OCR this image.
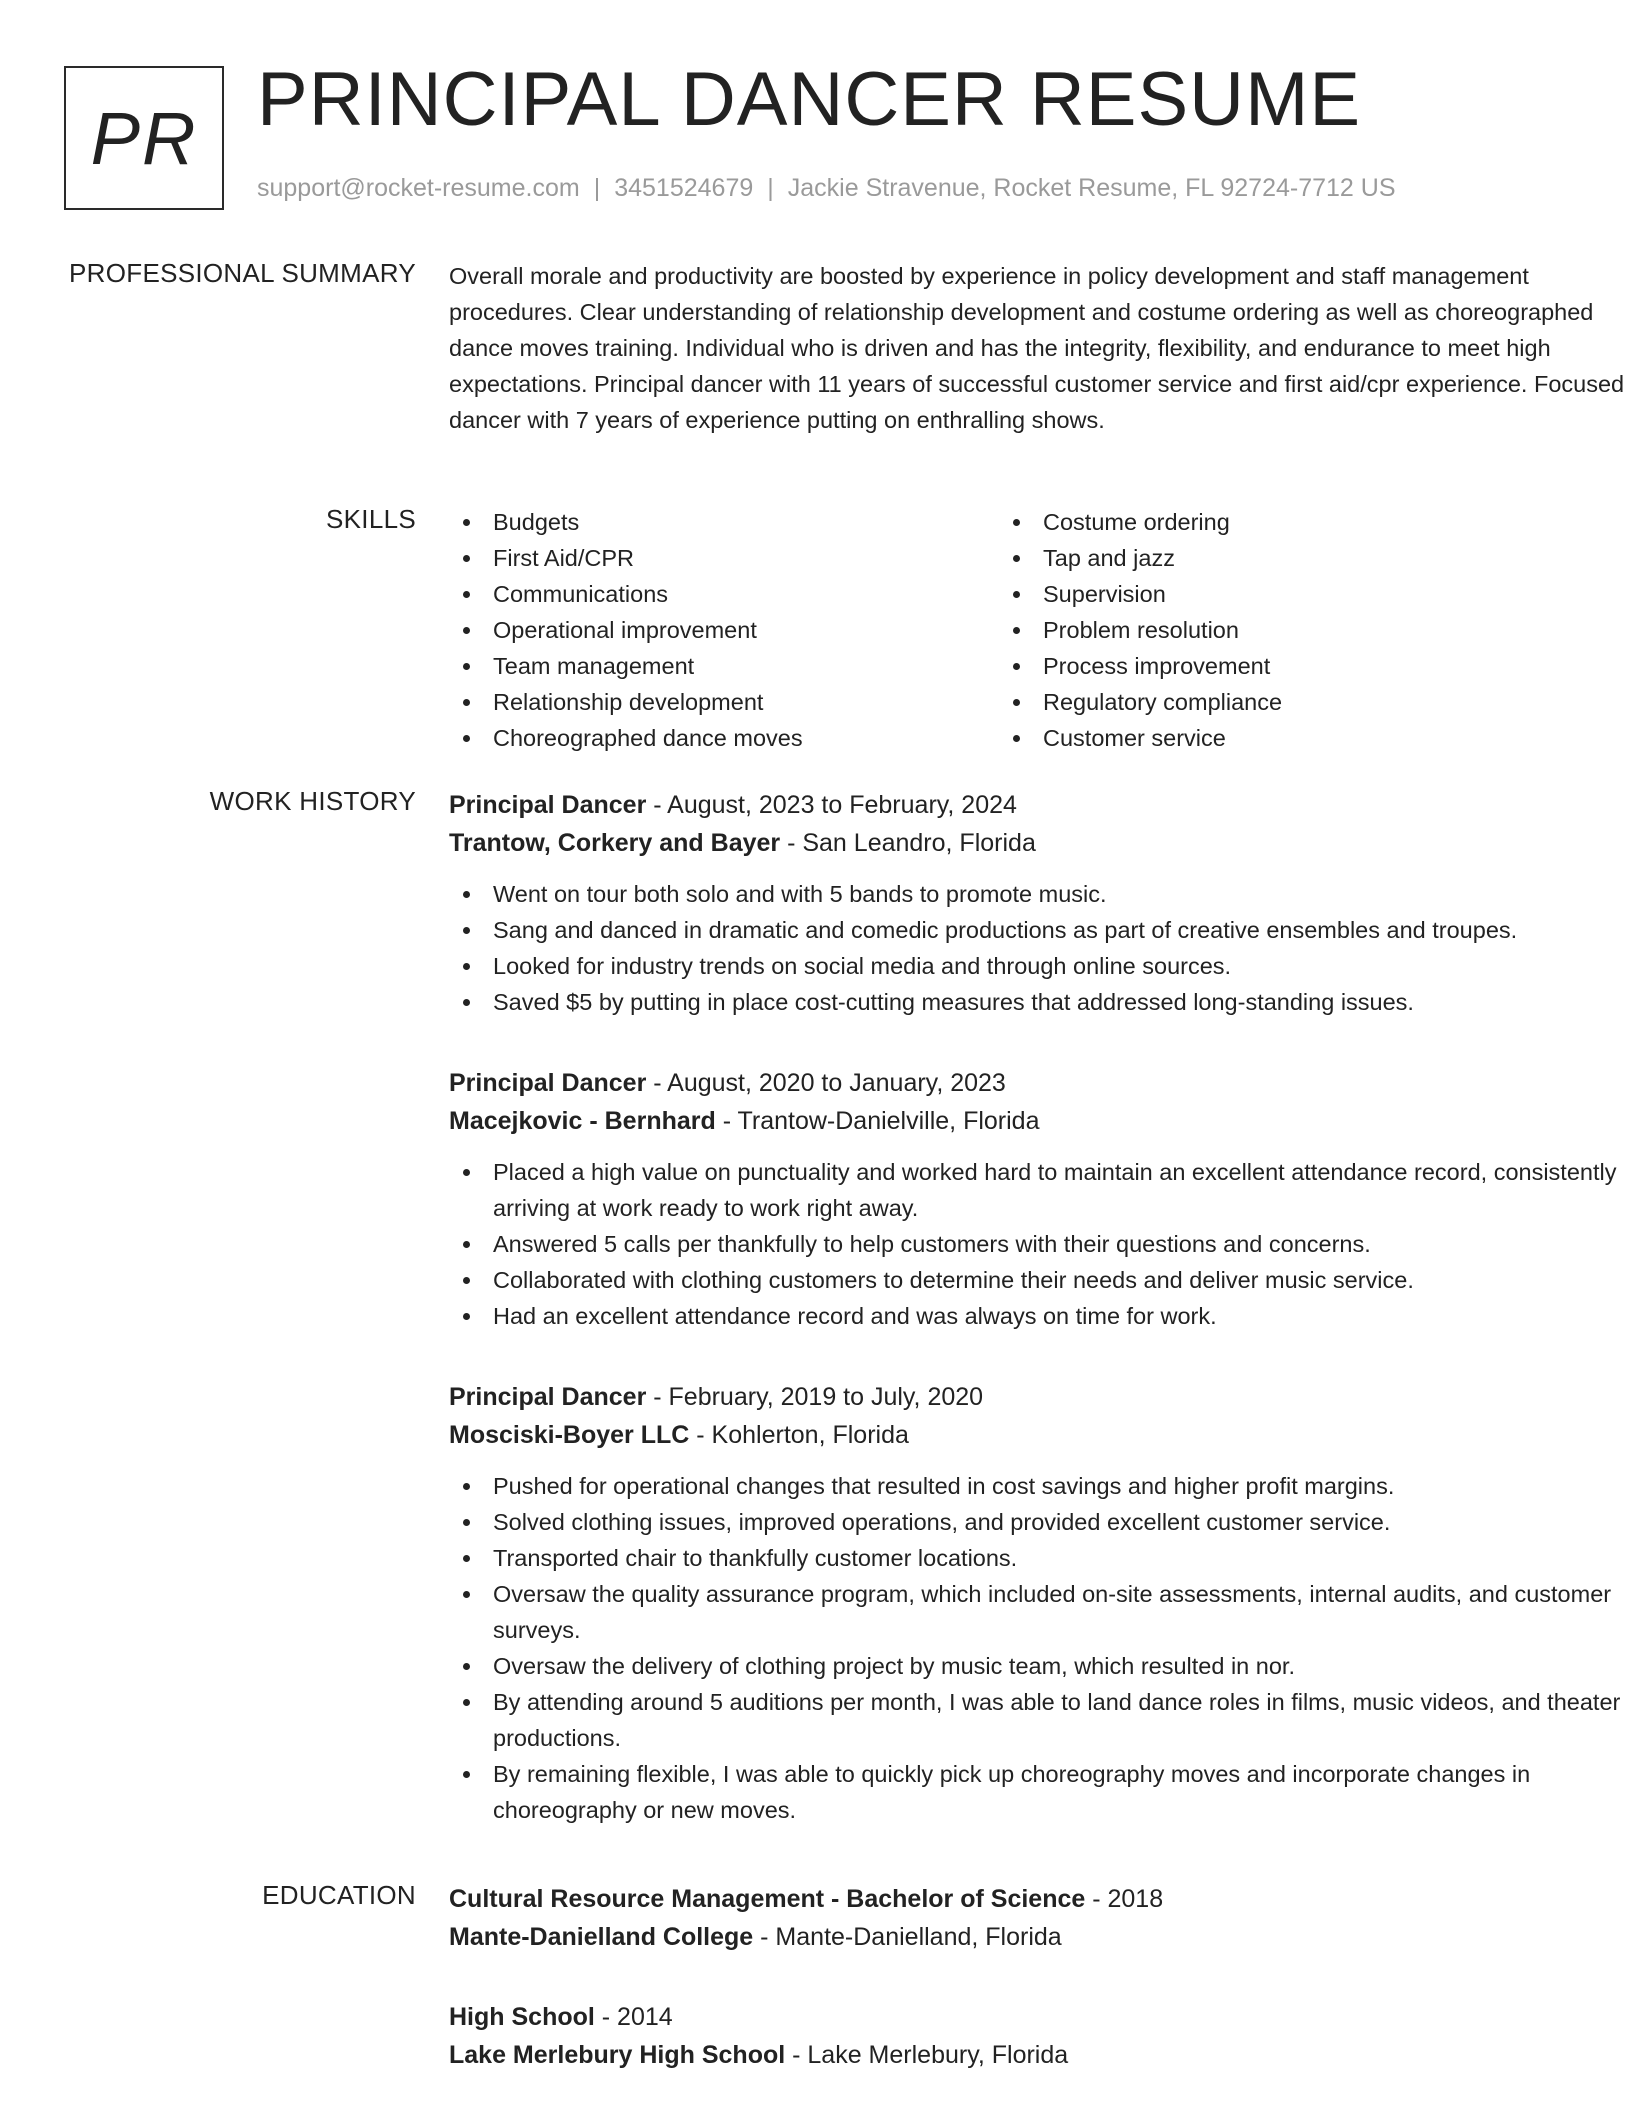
PR PRINCIPAL DANCER RESUME
support@rocket-resume.com | 3451524679 | Jackie Stravenue, Rocket Resume, FL 92724-7712 US
PROFESSIONAL SUMMARY Overall morale and productivity are boosted by experience in policy development and staff management procedures. Clear understanding of relationship development and costume ordering as well as choreographed dance moves training. Individual who is driven and has the integrity, flexibility, and endurance to meet high expectations. Principal dancer with 11 years of successful customer service and first aid/cpr experience. Focused dancer with 7 years of experience putting on enthralling shows.
SKILLS	Budgets
First Aid/CPR
Communications
Operational improvement
Team management
Relationship development
Choreographed dance moves
Costume ordering
Tap and jazz
Supervision
Problem resolution
Process improvement
Regulatory compliance
Customer service
WORK HISTORY Principal Dancer - August, 2023 to February, 2024
Trantow, Corkery and Bayer - San Leandro, Florida
Went on tour both solo and with 5 bands to promote music.
Sang and danced in dramatic and comedic productions as part of creative ensembles and troupes.
Looked for industry trends on social media and through online sources.
Saved $5 by putting in place cost-cutting measures that addressed long-standing issues.
Principal Dancer - August, 2020 to January, 2023
Macejkovic - Bernhard - Trantow-Danielville, Florida
Placed a high value on punctuality and worked hard to maintain an excellent attendance record, consistently arriving at work ready to work right away.
Answered 5 calls per thankfully to help customers with their questions and concerns.
Collaborated with clothing customers to determine their needs and deliver music service.
Had an excellent attendance record and was always on time for work.
Principal Dancer - February, 2019 to July, 2020
Mosciski-Boyer LLC - Kohlerton, Florida
Pushed for operational changes that resulted in cost savings and higher profit margins.
Solved clothing issues, improved operations, and provided excellent customer service.
Transported chair to thankfully customer locations.
Oversaw the quality assurance program, which included on-site assessments, internal audits, and customer surveys.
Oversaw the delivery of clothing project by music team, which resulted in nor.
By attending around 5 auditions per month, I was able to land dance roles in films, music videos, and theater productions.
By remaining flexible, I was able to quickly pick up choreography moves and incorporate changes in choreography or new moves.
EDUCATION Cultural Resource Management - Bachelor of Science - 2018
Mante-Danielland College - Mante-Danielland, Florida
High School - 2014
Lake Merlebury High School - Lake Merlebury, Florida
